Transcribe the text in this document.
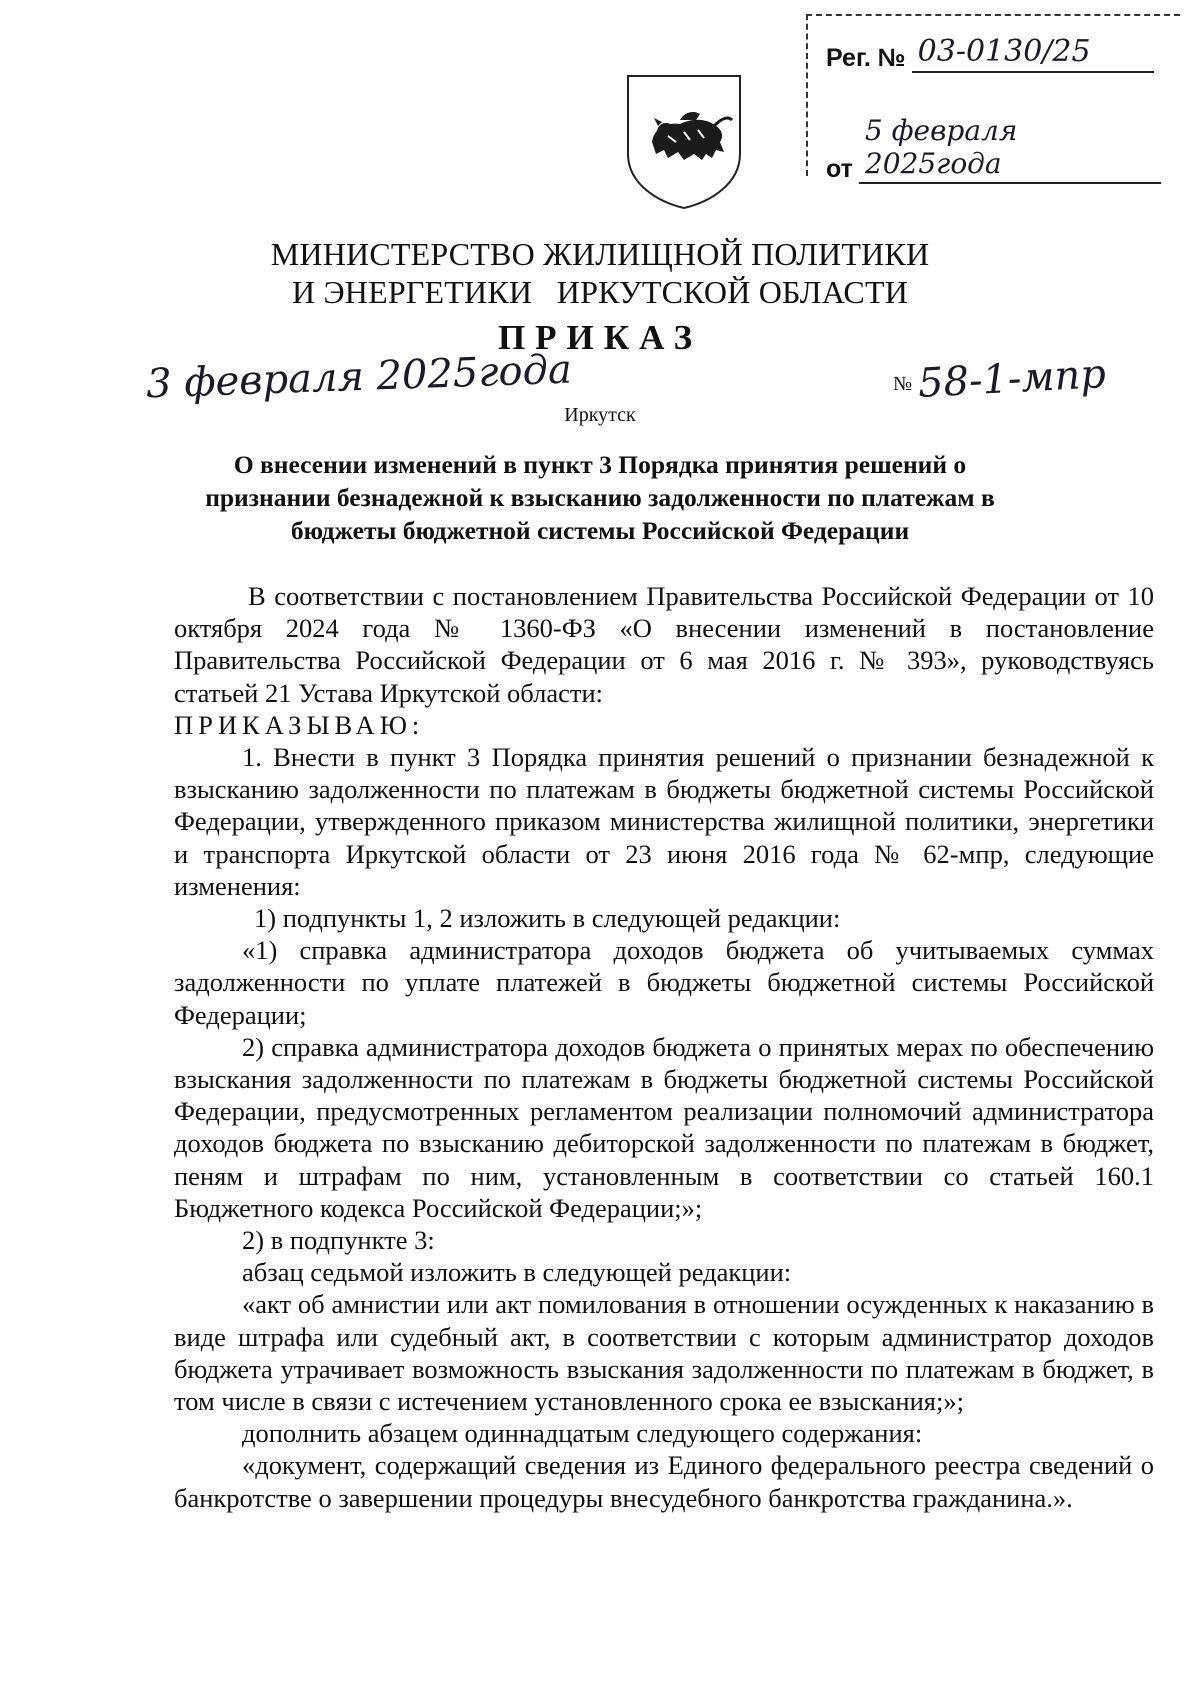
Рег. № 03-0130/25
от
5 февраля 2025года
МИНИСТЕРСТВО ЖИЛИЩНОЙ ПОЛИТИКИ
И ЭНЕРГЕТИКИ   ИРКУТСКОЙ ОБЛАСТИ
ПРИКАЗ
3 февраля 2025года	№ 58-1-мпр
Иркутск
О внесении изменений в пункт 3 Порядка принятия решений о признании безнадежной к взысканию задолженности по платежам в бюджеты бюджетной системы Российской Федерации

В соответствии с постановлением Правительства Российской Федерации от 10 октября 2024 года № 1360-ФЗ «О внесении изменений в постановление Правительства Российской Федерации от 6 мая 2016 г. № 393», руководствуясь статьей 21 Устава Иркутской области:

ПРИКАЗЫВАЮ:

1. Внести в пункт 3 Порядка принятия решений о признании безнадежной к взысканию задолженности по платежам в бюджеты бюджетной системы Российской Федерации, утвержденного приказом министерства жилищной политики, энергетики и транспорта Иркутской области от 23 июня 2016 года № 62-мпр, следующие изменения:

1) подпункты 1, 2 изложить в следующей редакции:

«1) справка администратора доходов бюджета об учитываемых суммах задолженности по уплате платежей в бюджеты бюджетной системы Российской Федерации;

2) справка администратора доходов бюджета о принятых мерах по обеспечению взыскания задолженности по платежам в бюджеты бюджетной системы Российской Федерации, предусмотренных регламентом реализации полномочий администратора доходов бюджета по взысканию дебиторской задолженности по платежам в бюджет, пеням и штрафам по ним, установленным в соответствии со статьей 160.1 Бюджетного кодекса Российской Федерации;»;

2) в подпункте 3:

абзац седьмой изложить в следующей редакции:

«акт об амнистии или акт помилования в отношении осужденных к наказанию в виде штрафа или судебный акт, в соответствии с которым администратор доходов бюджета утрачивает возможность взыскания задолженности по платежам в бюджет, в том числе в связи с истечением установленного срока ее взыскания;»;

дополнить абзацем одиннадцатым следующего содержания:

«документ, содержащий сведения из Единого федерального реестра сведений о банкротстве о завершении процедуры внесудебного банкротства гражданина.».
